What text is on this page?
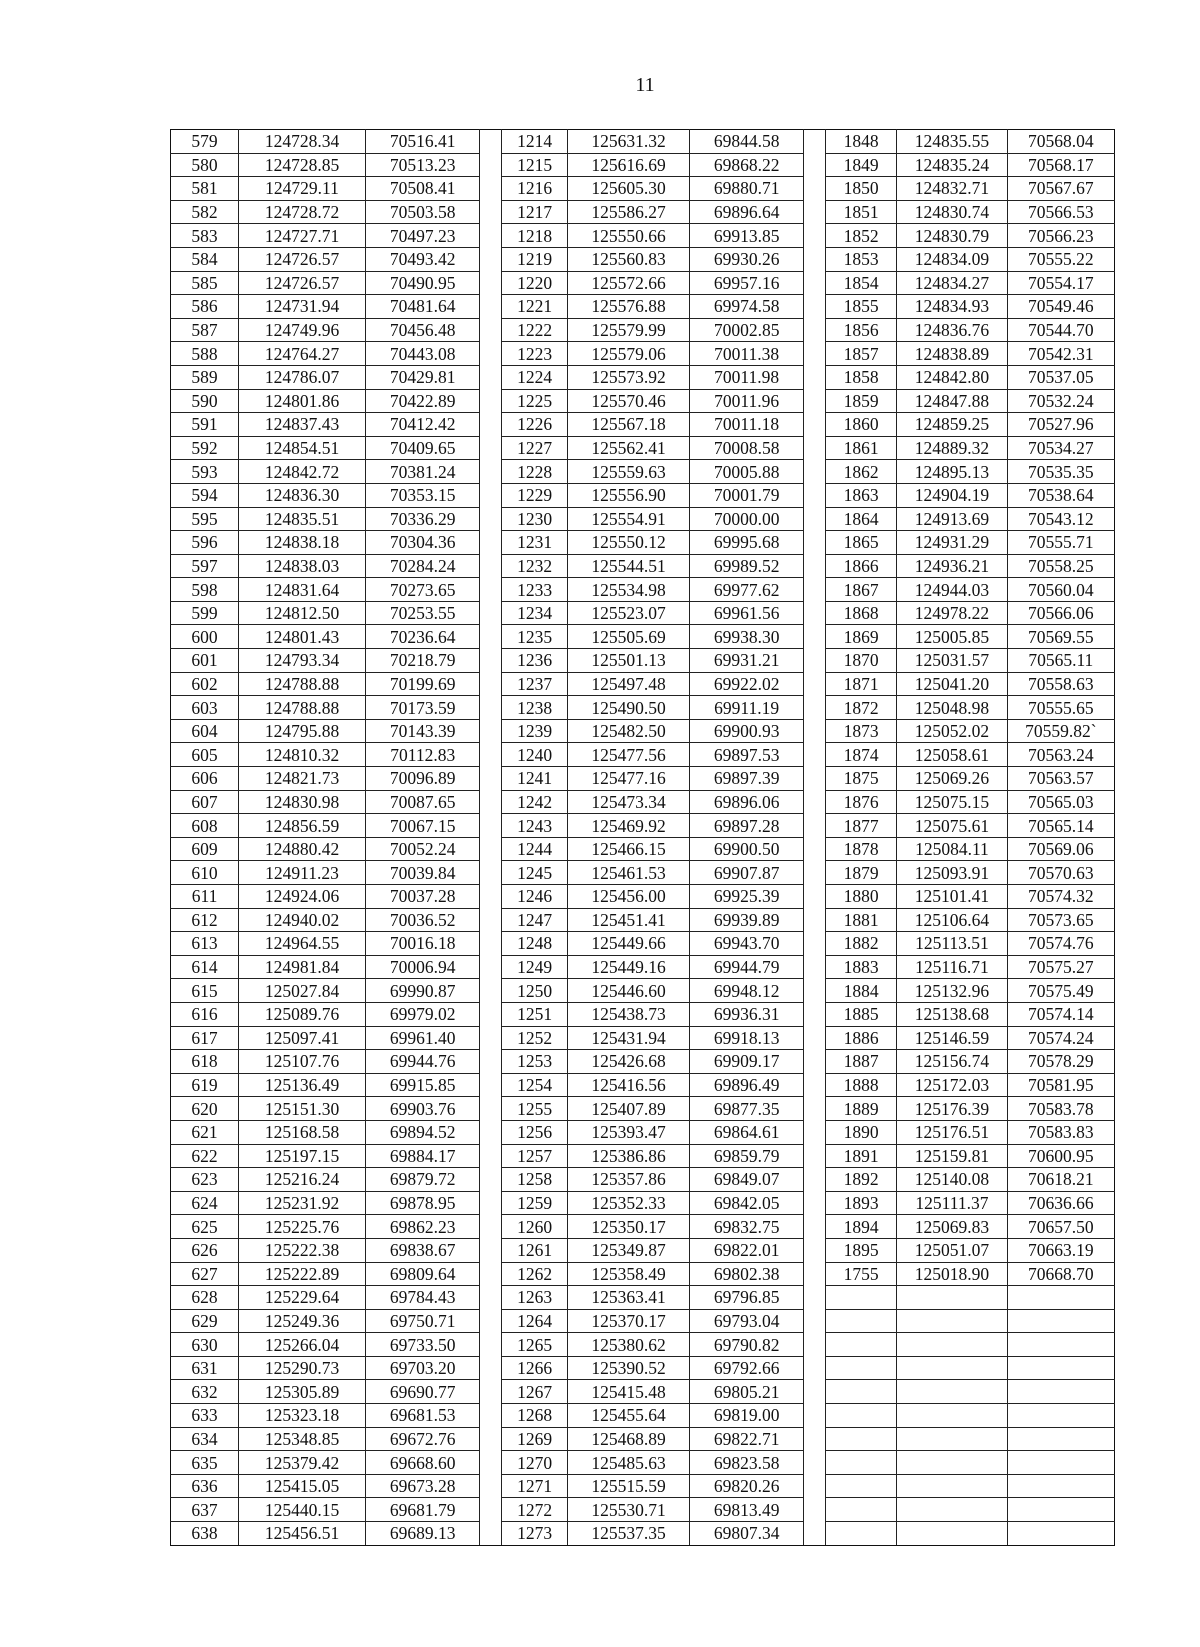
11
579	124728.34	70516.41		1214	125631.32	69844.58		1848	124835.55	70568.04
580	124728.85	70513.23		1215	125616.69	69868.22		1849	124835.24	70568.17
581	124729.11	70508.41		1216	125605.30	69880.71		1850	124832.71	70567.67
582	124728.72	70503.58		1217	125586.27	69896.64		1851	124830.74	70566.53
583	124727.71	70497.23		1218	125550.66	69913.85		1852	124830.79	70566.23
584	124726.57	70493.42		1219	125560.83	69930.26		1853	124834.09	70555.22
585	124726.57	70490.95		1220	125572.66	69957.16		1854	124834.27	70554.17
586	124731.94	70481.64		1221	125576.88	69974.58		1855	124834.93	70549.46
587	124749.96	70456.48		1222	125579.99	70002.85		1856	124836.76	70544.70
588	124764.27	70443.08		1223	125579.06	70011.38		1857	124838.89	70542.31
589	124786.07	70429.81		1224	125573.92	70011.98		1858	124842.80	70537.05
590	124801.86	70422.89		1225	125570.46	70011.96		1859	124847.88	70532.24
591	124837.43	70412.42		1226	125567.18	70011.18		1860	124859.25	70527.96
592	124854.51	70409.65		1227	125562.41	70008.58		1861	124889.32	70534.27
593	124842.72	70381.24		1228	125559.63	70005.88		1862	124895.13	70535.35
594	124836.30	70353.15		1229	125556.90	70001.79		1863	124904.19	70538.64
595	124835.51	70336.29		1230	125554.91	70000.00		1864	124913.69	70543.12
596	124838.18	70304.36		1231	125550.12	69995.68		1865	124931.29	70555.71
597	124838.03	70284.24		1232	125544.51	69989.52		1866	124936.21	70558.25
598	124831.64	70273.65		1233	125534.98	69977.62		1867	124944.03	70560.04
599	124812.50	70253.55		1234	125523.07	69961.56		1868	124978.22	70566.06
600	124801.43	70236.64		1235	125505.69	69938.30		1869	125005.85	70569.55
601	124793.34	70218.79		1236	125501.13	69931.21		1870	125031.57	70565.11
602	124788.88	70199.69		1237	125497.48	69922.02		1871	125041.20	70558.63
603	124788.88	70173.59		1238	125490.50	69911.19		1872	125048.98	70555.65
604	124795.88	70143.39		1239	125482.50	69900.93		1873	125052.02	70559.82`
605	124810.32	70112.83		1240	125477.56	69897.53		1874	125058.61	70563.24
606	124821.73	70096.89		1241	125477.16	69897.39		1875	125069.26	70563.57
607	124830.98	70087.65		1242	125473.34	69896.06		1876	125075.15	70565.03
608	124856.59	70067.15		1243	125469.92	69897.28		1877	125075.61	70565.14
609	124880.42	70052.24		1244	125466.15	69900.50		1878	125084.11	70569.06
610	124911.23	70039.84		1245	125461.53	69907.87		1879	125093.91	70570.63
611	124924.06	70037.28		1246	125456.00	69925.39		1880	125101.41	70574.32
612	124940.02	70036.52		1247	125451.41	69939.89		1881	125106.64	70573.65
613	124964.55	70016.18		1248	125449.66	69943.70		1882	125113.51	70574.76
614	124981.84	70006.94		1249	125449.16	69944.79		1883	125116.71	70575.27
615	125027.84	69990.87		1250	125446.60	69948.12		1884	125132.96	70575.49
616	125089.76	69979.02		1251	125438.73	69936.31		1885	125138.68	70574.14
617	125097.41	69961.40		1252	125431.94	69918.13		1886	125146.59	70574.24
618	125107.76	69944.76		1253	125426.68	69909.17		1887	125156.74	70578.29
619	125136.49	69915.85		1254	125416.56	69896.49		1888	125172.03	70581.95
620	125151.30	69903.76		1255	125407.89	69877.35		1889	125176.39	70583.78
621	125168.58	69894.52		1256	125393.47	69864.61		1890	125176.51	70583.83
622	125197.15	69884.17		1257	125386.86	69859.79		1891	125159.81	70600.95
623	125216.24	69879.72		1258	125357.86	69849.07		1892	125140.08	70618.21
624	125231.92	69878.95		1259	125352.33	69842.05		1893	125111.37	70636.66
625	125225.76	69862.23		1260	125350.17	69832.75		1894	125069.83	70657.50
626	125222.38	69838.67		1261	125349.87	69822.01		1895	125051.07	70663.19
627	125222.89	69809.64		1262	125358.49	69802.38		1755	125018.90	70668.70
628	125229.64	69784.43		1263	125363.41	69796.85				
629	125249.36	69750.71		1264	125370.17	69793.04				
630	125266.04	69733.50		1265	125380.62	69790.82				
631	125290.73	69703.20		1266	125390.52	69792.66				
632	125305.89	69690.77		1267	125415.48	69805.21				
633	125323.18	69681.53		1268	125455.64	69819.00				
634	125348.85	69672.76		1269	125468.89	69822.71				
635	125379.42	69668.60		1270	125485.63	69823.58				
636	125415.05	69673.28		1271	125515.59	69820.26				
637	125440.15	69681.79		1272	125530.71	69813.49				
638	125456.51	69689.13		1273	125537.35	69807.34				
